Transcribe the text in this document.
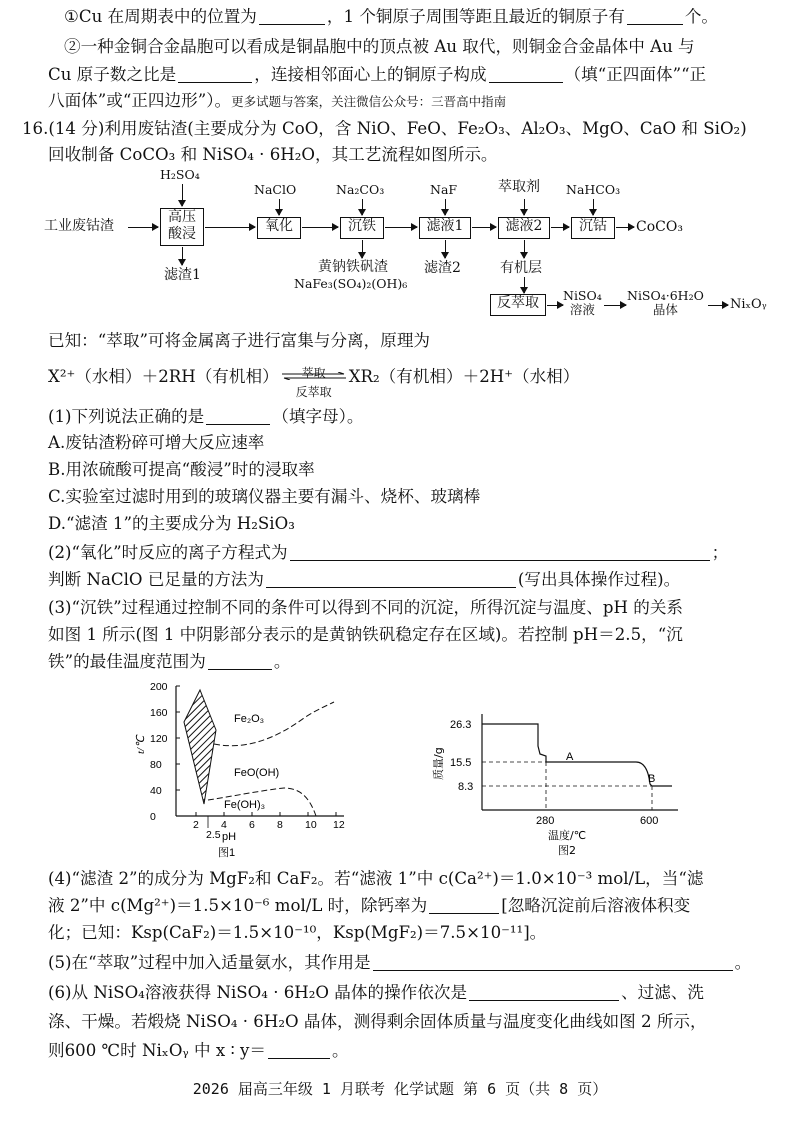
①Cu 在周期表中的位置为	，1 个铜原子周围等距且最近的铜原子有	个。
②一种金铜合金晶胞可以看成是铜晶胞中的顶点被 Au 取代，则铜金合金晶体中 Au 与
Cu 原子数之比是	，连接相邻面心上的铜原子构成	（填“正四面体”“正
八面体”或“正四边形”）。更多试题与答案，关注微信公众号：三晋高中指南
16.(14 分)利用废钴渣(主要成分为 CoO，含 NiO、FeO、Fe₂O₃、Al₂O₃、MgO、CaO 和 SiO₂)
回收制备 CoCO₃ 和 NiSO₄ · 6H₂O，其工艺流程如图所示。
工业废钴渣
高压
酸浸	氧化	沉铁	滤液1	滤液2	沉钴	CoCO₃
H₂SO₄
NaClO	Na₂CO₃	NaF	萃取剂 NaHCO₃
滤渣1	黄钠铁矾渣
NaFe₃(SO₄)₂(OH)₆
滤渣2	有机层
反萃取	NiSO₄
溶液
NiSO₄·6H₂O
晶体	NiₓOᵧ
已知：“萃取”可将金属离子进行富集与分离，原理为
X²⁺（水相）＋2RH（有机相）	萃取
反萃取
XR₂（有机相）＋2H⁺（水相）
(1)下列说法正确的是	（填字母）。
A.废钴渣粉碎可增大反应速率
B.用浓硫酸可提高“酸浸”时的浸取率
C.实验室过滤时用到的玻璃仪器主要有漏斗、烧杯、玻璃棒
D.“滤渣 1”的主要成分为 H₂SiO₃
(2)“氧化”时反应的离子方程式为	；
判断 NaClO 已足量的方法为	(写出具体操作过程)。
(3)“沉铁”过程通过控制不同的条件可以得到不同的沉淀，所得沉淀与温度、pH 的关系
如图 1 所示(图 1 中阴影部分表示的是黄钠铁矾稳定存在区域)。若控制 pH＝2.5，“沉
铁”的最佳温度范围为	。
Fe₂O₃
FeO(OH)
Fe(OH)₃
t/℃
200
160
120
80
40
0
2 4 6 8 10 12
2.5 pH
图1
A
B
26.3
15.5
8.3
280	600
质量/g
温度/℃
图2
(4)“滤渣 2”的成分为 MgF₂和 CaF₂。若“滤液 1”中 c(Ca²⁺)＝1.0×10⁻³ mol/L，当“滤
液 2”中 c(Mg²⁺)＝1.5×10⁻⁶ mol/L 时，除钙率为	[忽略沉淀前后溶液体积变
化；已知：Ksp(CaF₂)＝1.5×10⁻¹⁰，Ksp(MgF₂)＝7.5×10⁻¹¹]。
(5)在“萃取”过程中加入适量氨水，其作用是	。
(6)从 NiSO₄溶液获得 NiSO₄ · 6H₂O 晶体的操作依次是	、过滤、洗
涤、干燥。若煅烧 NiSO₄ · 6H₂O 晶体，测得剩余固体质量与温度变化曲线如图 2 所示，
则600 ℃时 NiₓOᵧ 中 x ∶ y＝	。
2026 届高三年级 1 月联考 化学试题 第 6 页（共 8 页）
